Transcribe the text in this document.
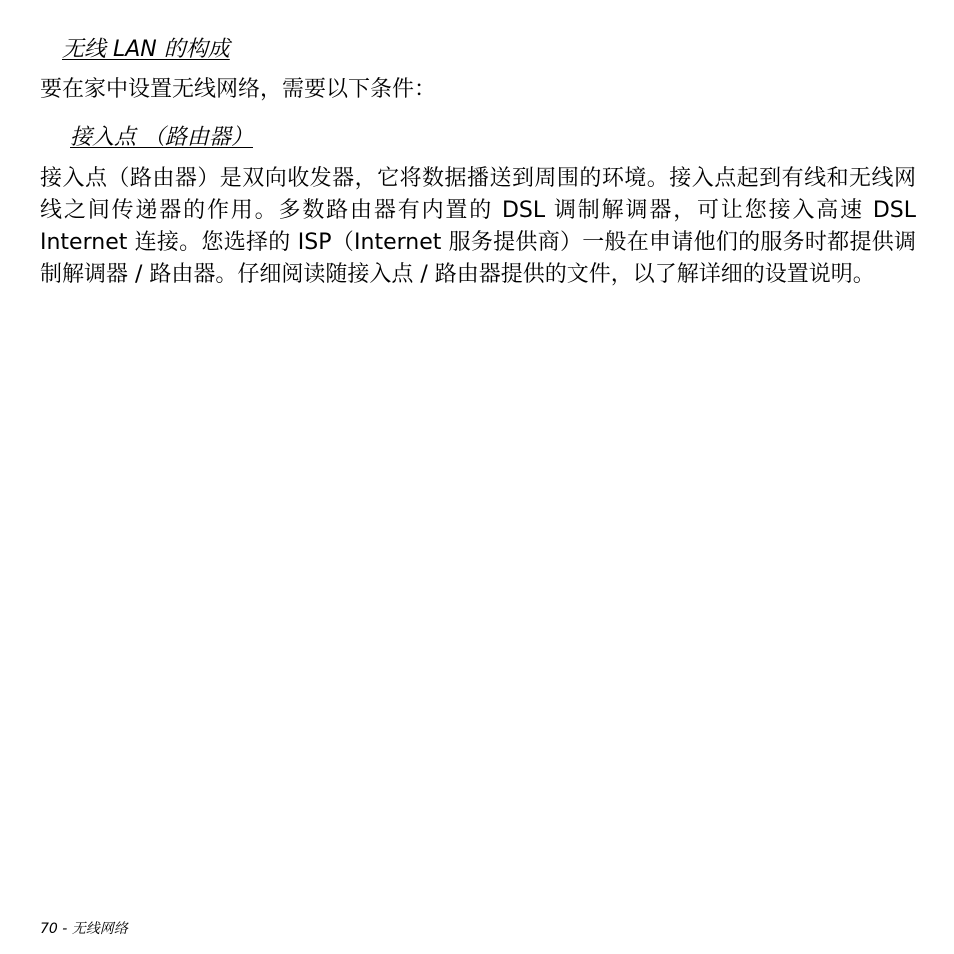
无线 LAN 的构成
要在家中设置无线网络，需要以下条件：
接入点 （路由器）
接入点（路由器）是双向收发器，它将数据播送到周围的环境。接入点起到有线和无线网线之间传递器的作用。多数路由器有内置的 DSL 调制解调器，可让您接入高速 DSL Internet 连接。您选择的 ISP（Internet 服务提供商）一般在申请他们的服务时都提供调制解调器 / 路由器。仔细阅读随接入点 / 路由器提供的文件，以了解详细的设置说明。
70 - 无线网络
